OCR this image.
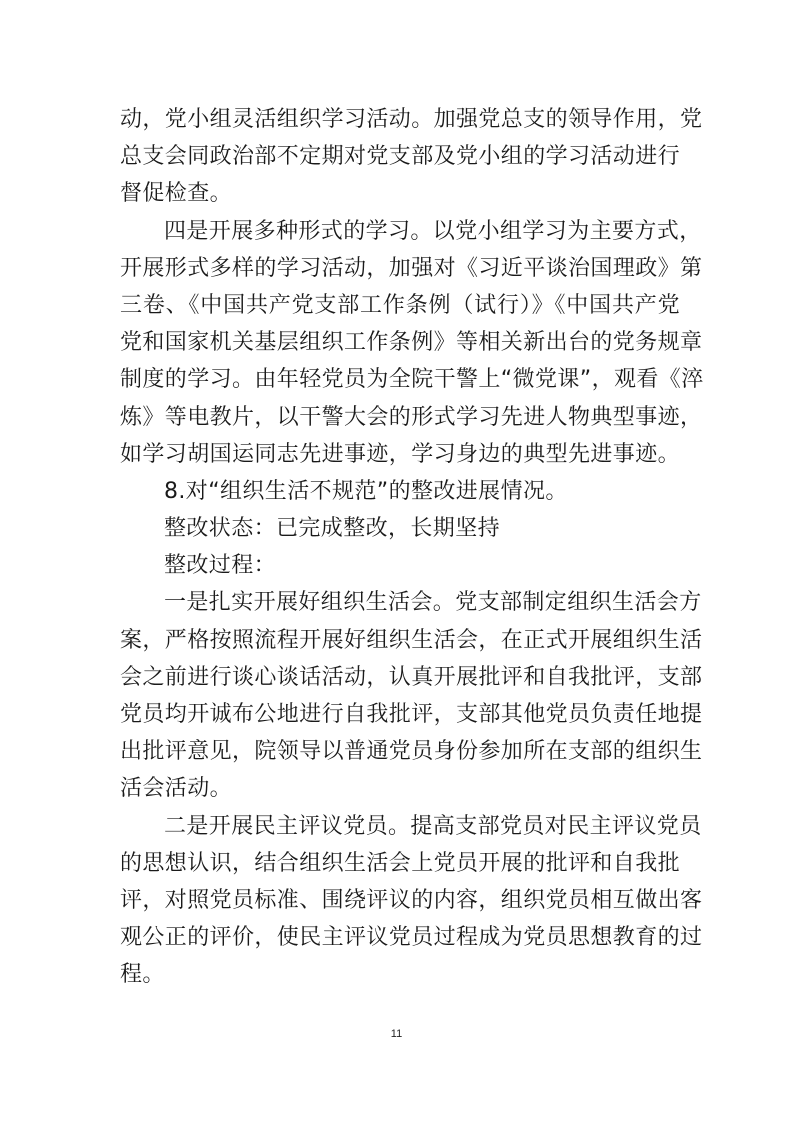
动，党小组灵活组织学习活动。加强党总支的领导作用，党
总支会同政治部不定期对党支部及党小组的学习活动进行
督促检查。
四是开展多种形式的学习。以党小组学习为主要方式，
开展形式多样的学习活动，加强对《习近平谈治国理政》第
三卷、《中国共产党支部工作条例（试行）》《中国共产党
党和国家机关基层组织工作条例》等相关新出台的党务规章
制度的学习。由年轻党员为全院干警上“微党课”，观看《淬
炼》等电教片，以干警大会的形式学习先进人物典型事迹，
如学习胡国运同志先进事迹，学习身边的典型先进事迹。
8.对“组织生活不规范”的整改进展情况。
整改状态：已完成整改，长期坚持
整改过程：
一是扎实开展好组织生活会。党支部制定组织生活会方
案，严格按照流程开展好组织生活会，在正式开展组织生活
会之前进行谈心谈话活动，认真开展批评和自我批评，支部
党员均开诚布公地进行自我批评，支部其他党员负责任地提
出批评意见，院领导以普通党员身份参加所在支部的组织生
活会活动。
二是开展民主评议党员。提高支部党员对民主评议党员
的思想认识，结合组织生活会上党员开展的批评和自我批
评，对照党员标准、围绕评议的内容，组织党员相互做出客
观公正的评价，使民主评议党员过程成为党员思想教育的过
程。
11
